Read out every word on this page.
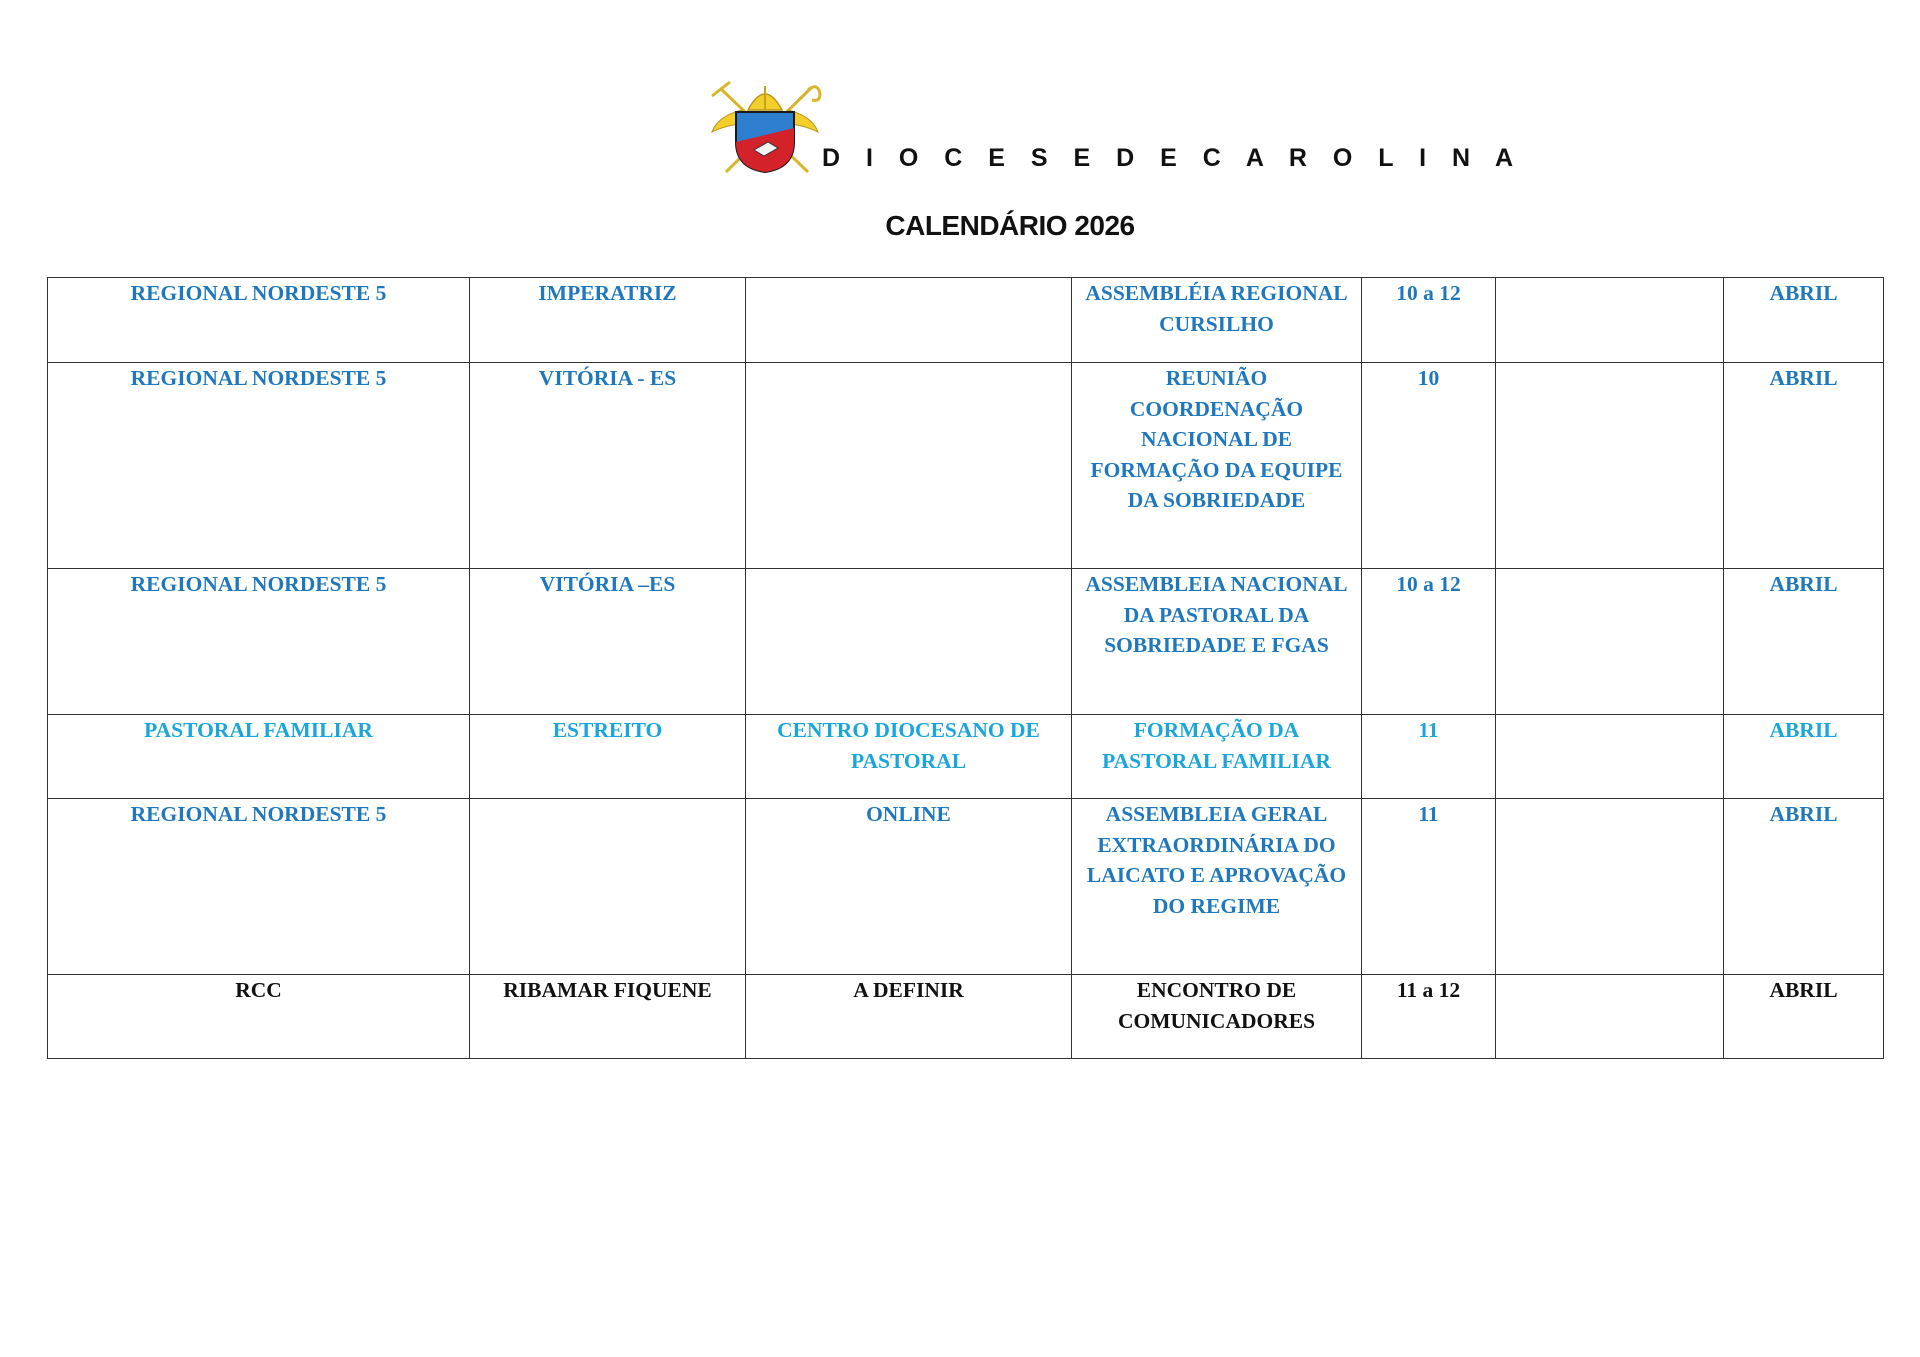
D I O C E S E D E C A R O L I N A
CALENDÁRIO 2026
REGIONAL NORDESTE 5	IMPERATRIZ		ASSEMBLÉIA REGIONAL CURSILHO	10 a 12		ABRIL
REGIONAL NORDESTE 5	VITÓRIA - ES		REUNIÃO COORDENAÇÃO NACIONAL DE FORMAÇÃO DA EQUIPE DA SOBRIEDADE	10		ABRIL
REGIONAL NORDESTE 5	VITÓRIA –ES		ASSEMBLEIA NACIONAL DA PASTORAL DA SOBRIEDADE E FGAS	10 a 12		ABRIL
PASTORAL FAMILIAR	ESTREITO	CENTRO DIOCESANO DE PASTORAL	FORMAÇÃO DA PASTORAL FAMILIAR	11		ABRIL
REGIONAL NORDESTE 5		ONLINE	ASSEMBLEIA GERAL EXTRAORDINÁRIA DO LAICATO E APROVAÇÃO DO REGIME	11		ABRIL
RCC	RIBAMAR FIQUENE	A DEFINIR	ENCONTRO DE COMUNICADORES	11 a 12		ABRIL
